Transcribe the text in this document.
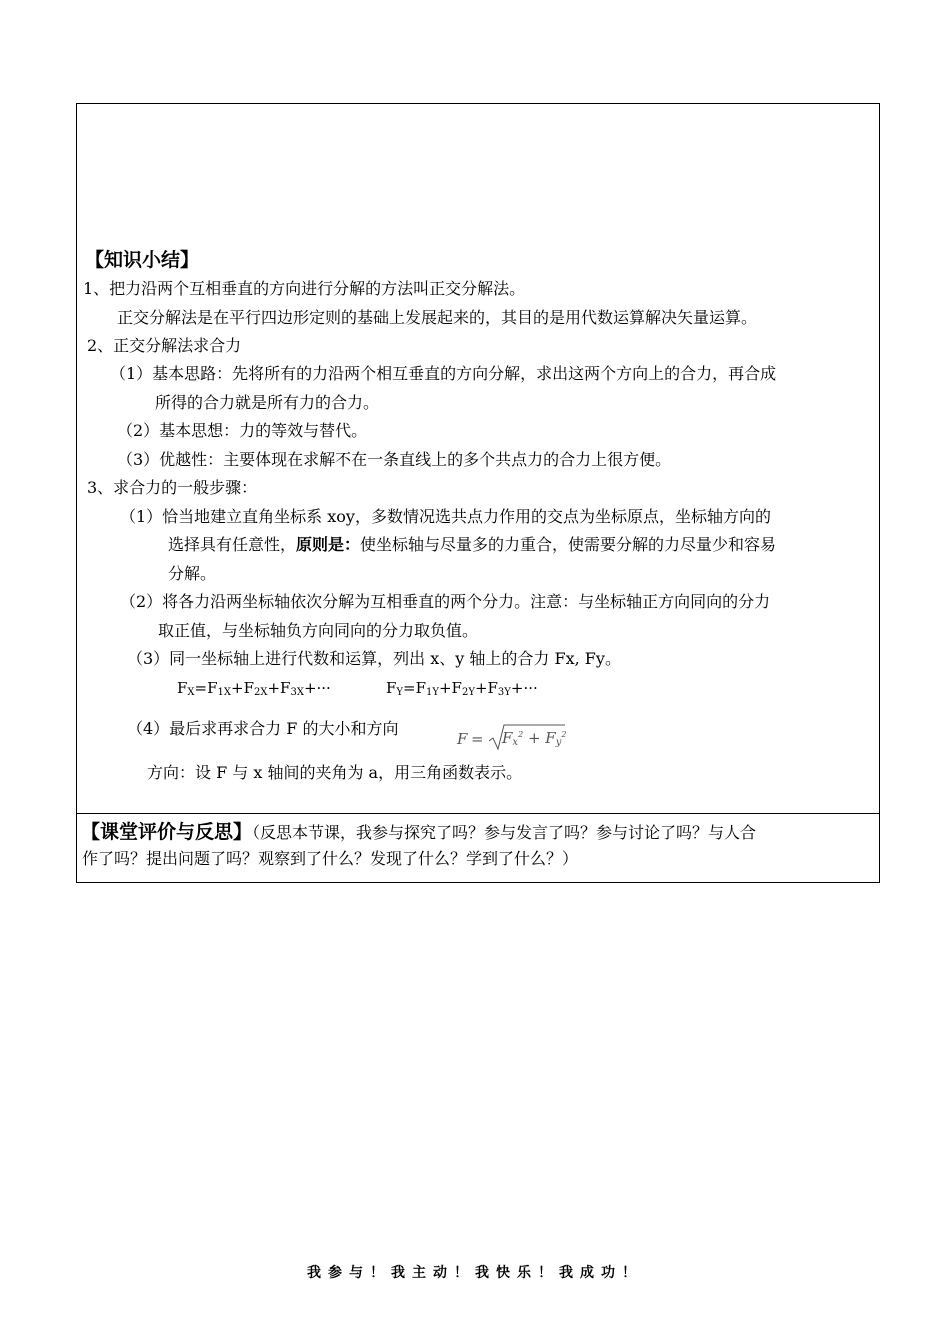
【知识小结】
1、把力沿两个互相垂直的方向进行分解的方法叫正交分解法。
正交分解法是在平行四边形定则的基础上发展起来的，其目的是用代数运算解决矢量运算。
2、正交分解法求合力
（1）基本思路：先将所有的力沿两个相互垂直的方向分解，求出这两个方向上的合力，再合成
所得的合力就是所有力的合力。
（2）基本思想：力的等效与替代。
（3）优越性：主要体现在求解不在一条直线上的多个共点力的合力上很方便。
3、求合力的一般步骤：
（1）恰当地建立直角坐标系 xoy，多数情况选共点力作用的交点为坐标原点，坐标轴方向的
选择具有任意性，原则是：使坐标轴与尽量多的力重合，使需要分解的力尽量少和容易
分解。
（2）将各力沿两坐标轴依次分解为互相垂直的两个分力。注意：与坐标轴正方向同向的分力
取正值，与坐标轴负方向同向的分力取负值。
（3）同一坐标轴上进行代数和运算，列出 x、y 轴上的合力 Fx, Fy。
$F_X=F_{1X}+F_{2X}+F_{3X}+\cdot\cdot\cdot$	$F_Y=F_{1Y}+F_{2Y}+F_{3Y}+\cdot\cdot\cdot$
（4）最后求再求合力 F 的大小和方向
$F = F_x^2 + F_y^2$
方向：设 F 与 x 轴间的夹角为 a，用三角函数表示。
【课堂评价与反思】（反思本节课，我参与探究了吗？参与发言了吗？参与讨论了吗？与人合
作了吗？提出问题了吗？观察到了什么？发现了什么？学到了什么？）
我参与！我主动！我快乐！我成功！
